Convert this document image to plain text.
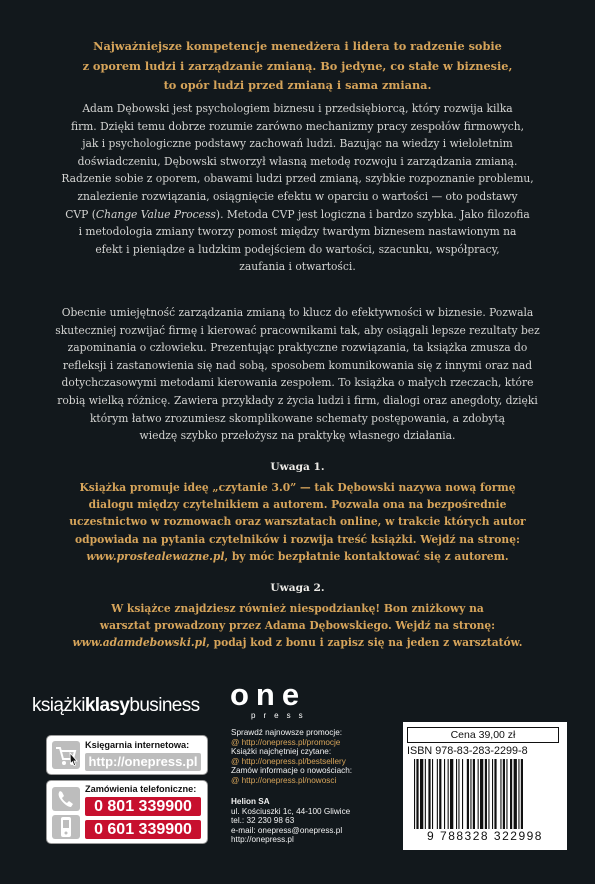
Najważniejsze kompetencje menedżera i lidera to radzenie sobie
z oporem ludzi i zarządzanie zmianą. Bo jedyne, co stałe w biznesie,
to opór ludzi przed zmianą i sama zmiana.

Adam Dębowski jest psychologiem biznesu i przedsiębiorcą, który rozwija kilka
firm. Dzięki temu dobrze rozumie zarówno mechanizmy pracy zespołów firmowych,
jak i psychologiczne podstawy zachowań ludzi. Bazując na wiedzy i wieloletnim
doświadczeniu, Dębowski stworzył własną metodę rozwoju i zarządzania zmianą.
Radzenie sobie z oporem, obawami ludzi przed zmianą, szybkie rozpoznanie problemu,
znalezienie rozwiązania, osiągnięcie efektu w oparciu o wartości — oto podstawy
CVP (Change Value Process). Metoda CVP jest logiczna i bardzo szybka. Jako filozofia
i metodologia zmiany tworzy pomost między twardym biznesem nastawionym na
efekt i pieniądze a ludzkim podejściem do wartości, szacunku, współpracy,
zaufania i otwartości.

Obecnie umiejętność zarządzania zmianą to klucz do efektywności w biznesie. Pozwala
skuteczniej rozwijać firmę i kierować pracownikami tak, aby osiągali lepsze rezultaty bez
zapominania o człowieku. Prezentując praktyczne rozwiązania, ta książka zmusza do
refleksji i zastanowienia się nad sobą, sposobem komunikowania się z innymi oraz nad
dotychczasowymi metodami kierowania zespołem. To książka o małych rzeczach, które
robią wielką różnicę. Zawiera przykłady z życia ludzi i firm, dialogi oraz anegdoty, dzięki
którym łatwo zrozumiesz skomplikowane schematy postępowania, a zdobytą
wiedzę szybko przełożysz na praktykę własnego działania.

Uwaga 1.

Książka promuje ideę „czytanie 3.0” — tak Dębowski nazywa nową formę
dialogu między czytelnikiem a autorem. Pozwala ona na bezpośrednie
uczestnictwo w rozmowach oraz warsztatach online, w trakcie których autor
odpowiada na pytania czytelników i rozwija treść książki. Wejdź na stronę:
www.prostealewazne.pl, by móc bezpłatnie kontaktować się z autorem.

Uwaga 2.

W książce znajdziesz również niespodziankę! Bon zniżkowy na
warsztat prowadzony przez Adama Dębowskiego. Wejdź na stronę:
www.adamdebowski.pl, podaj kod z bonu i zapisz się na jeden z warsztatów.

książkiklasybusiness
Księgarnia internetowa:
http://onepress.pl
Zamówienia telefoniczne:
0 801 339900
0 601 339900
one
press
Sprawdź najnowsze promocje:
@ http://onepress.pl/promocje
Książki najchętniej czytane:
@ http://onepress.pl/bestsellery
Zamów informacje o nowościach:
@ http://onepress.pl/nowosci
Helion SA
ul. Kościuszki 1c, 44-100 Gliwice
tel.: 32 230 98 63
e-mail: onepress@onepress.pl
http://onepress.pl
Cena 39,00 zł
ISBN 978-83-283-2299-8
9 788328 322998
